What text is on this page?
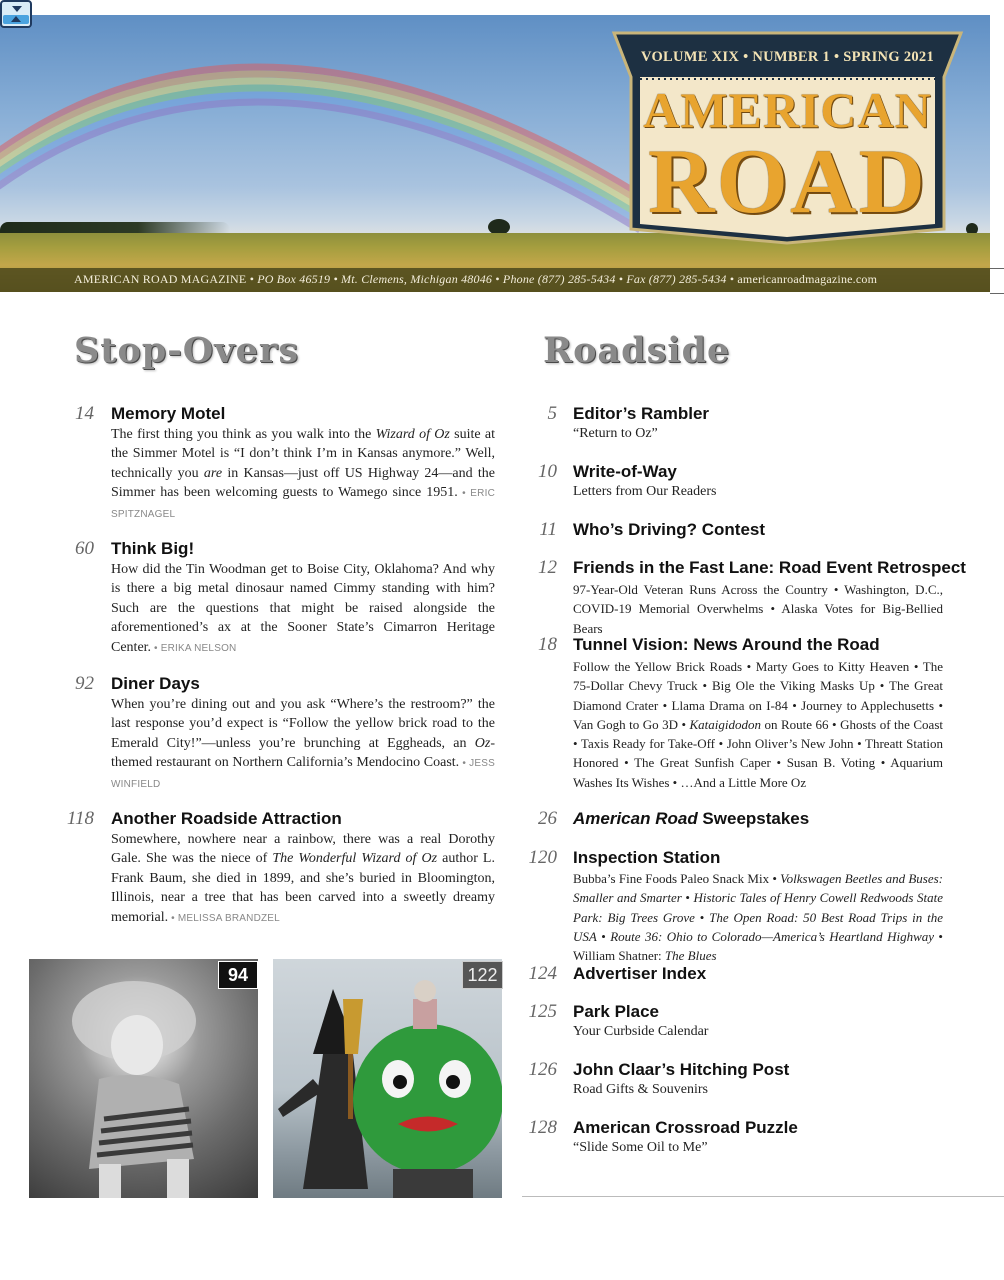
VOLUME XIX • NUMBER 1 • SPRING 2021
AMERICAN
ROAD
AMERICAN ROAD MAGAZINE • PO Box 46519 • Mt. Clemens, Michigan 48046 • Phone (877) 285-5434 • Fax (877) 285-5434 • americanroadmagazine.com
Stop-Overs	Roadside
14 Memory Motel
The first thing you think as you walk into the Wizard of Oz suite at the Simmer Motel is “I don’t think I’m in Kansas anymore.” Well, technically you are in Kansas—just off US Highway 24—and the Simmer has been welcoming guests to Wamego since 1951. • ERIC SPITZNAGEL
60 Think Big!
How did the Tin Woodman get to Boise City, Oklahoma? And why is there a big metal dinosaur named Cimmy standing with him? Such are the questions that might be raised alongside the aforementioned’s ax at the Sooner State’s Cimarron Heritage Center. • ERIKA NELSON
92 Diner Days
When you’re dining out and you ask “Where’s the restroom?” the last response you’d expect is “Follow the yellow brick road to the Emerald City!”—unless you’re brunching at Eggheads, an Oz-themed restaurant on Northern California’s Mendocino Coast. • JESS WINFIELD
118 Another Roadside Attraction
Somewhere, nowhere near a rainbow, there was a real Dorothy Gale. She was the niece of The Wonderful Wizard of Oz author L. Frank Baum, she died in 1899, and she’s buried in Bloomington, Illinois, near a tree that has been carved into a sweetly dreamy memorial. • MELISSA BRANDZEL
94	122
5 Editor’s Rambler
“Return to Oz”
10 Write-of-Way
Letters from Our Readers
11 Who’s Driving? Contest
12 Friends in the Fast Lane: Road Event Retrospect
97-Year-Old Veteran Runs Across the Country • Washington, D.C., COVID-19 Memorial Overwhelms • Alaska Votes for Big-Bellied Bears
18 Tunnel Vision: News Around the Road
Follow the Yellow Brick Roads • Marty Goes to Kitty Heaven • The 75-Dollar Chevy Truck • Big Ole the Viking Masks Up • The Great Diamond Crater • Llama Drama on I-84 • Journey to Applechusetts • Van Gogh to Go 3D • Kataigidodon on Route 66 • Ghosts of the Coast • Taxis Ready for Take-Off • John Oliver’s New John • Threatt Station Honored • The Great Sunfish Caper • Susan B. Voting • Aquarium Washes Its Wishes • …And a Little More Oz
26 American Road Sweepstakes
120 Inspection Station
Bubba’s Fine Foods Paleo Snack Mix • Volkswagen Beetles and Buses: Smaller and Smarter • Historic Tales of Henry Cowell Redwoods State Park: Big Trees Grove • The Open Road: 50 Best Road Trips in the USA • Route 36: Ohio to Colorado—America’s Heartland Highway • William Shatner: The Blues
124 Advertiser Index
125 Park Place
Your Curbside Calendar
126 John Claar’s Hitching Post
Road Gifts & Souvenirs
128 American Crossroad Puzzle
“Slide Some Oil to Me”
